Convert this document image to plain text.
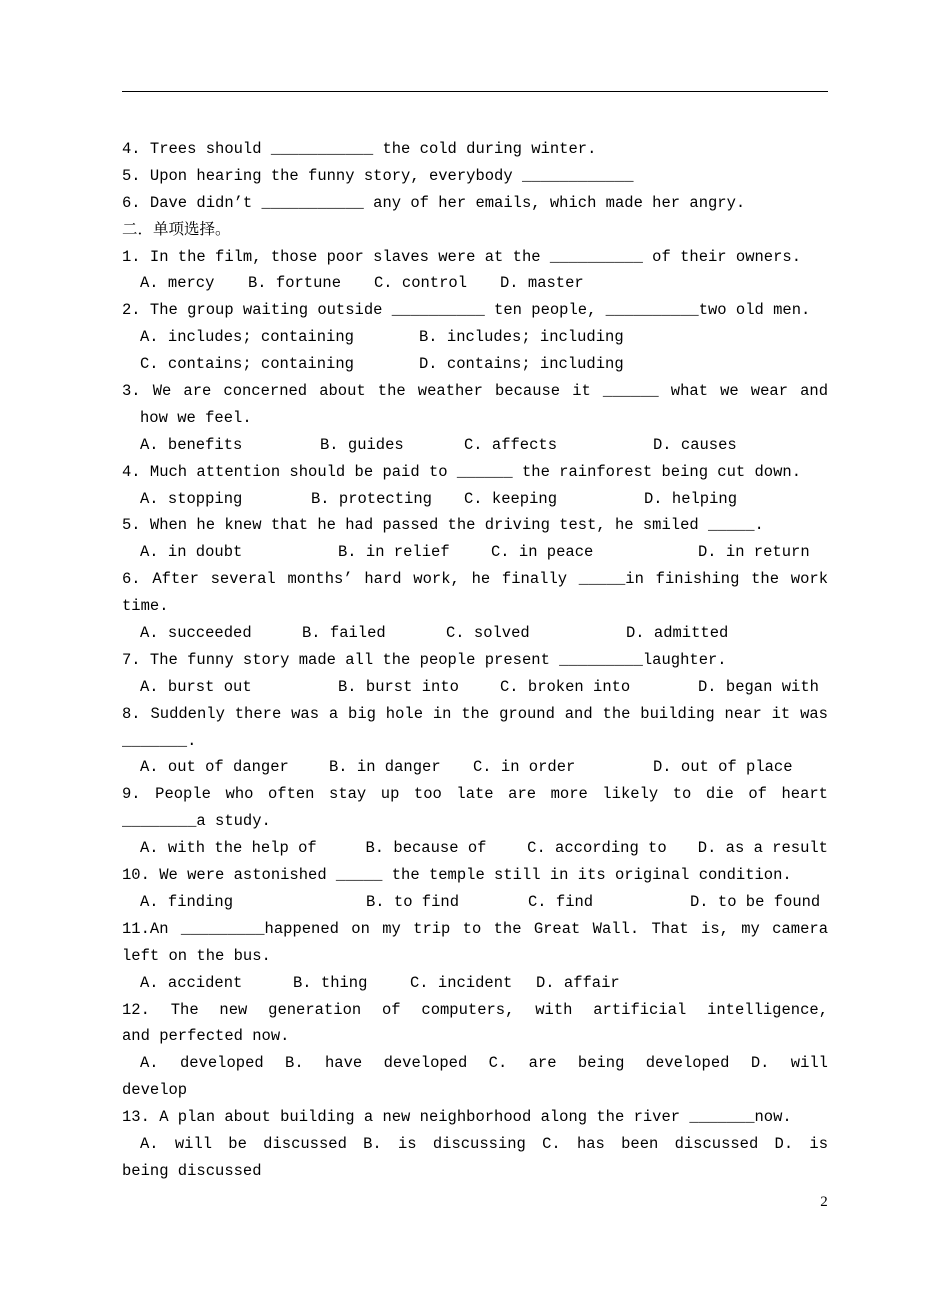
4. Trees should ___________ the cold during winter.
5. Upon hearing the funny story, everybody ____________
6. Dave didn’t ___________ any of her emails, which made her angry.
二．单项选择。
1. In the film, those poor slaves were at the __________ of their owners.
A. mercy	B. fortune	C. control	D. master
2. The group waiting outside __________ ten people, __________two old men.
A. includes; containing	B. includes; including
C. contains; containing	D. contains; including
3. We are concerned about the weather because it ______ what we wear and
how we feel.
A. benefits	B. guides	C. affects	D. causes
4. Much attention should be paid to ______ the rainforest being cut down.
A. stopping	B. protecting	C. keeping	D. helping
5. When he knew that he had passed the driving test, he smiled _____.
A. in doubt	B. in relief	C. in peace	D. in return
6. After several months’ hard work, he finally _____in finishing the work
time.
A. succeeded	B. failed	C. solved	D. admitted
7. The funny story made all the people present _________laughter.
A. burst out	B. burst into	C. broken into	D. began with
8. Suddenly there was a big hole in the ground and the building near it was
_______.
A. out of danger	B. in danger	C. in order	D. out of place
9. People who often stay up too late are more likely to die of heart
________a study.
A. with the help of	B. because of	C. according to	D. as a result
10. We were astonished _____ the temple still in its original condition.
A. finding	B. to find	C. find	D. to be found
11.An _________happened on my trip to the Great Wall. That is, my camera
left on the bus.
A. accident	B. thing	C. incident	D. affair
12. The new generation of computers, with artificial intelligence,
and perfected now.
A. developed B. have developed C. are being developed D. will
develop
13. A plan about building a new neighborhood along the river _______now.
A. will be discussed B. is discussing C. has been discussed D. is
being discussed
2
